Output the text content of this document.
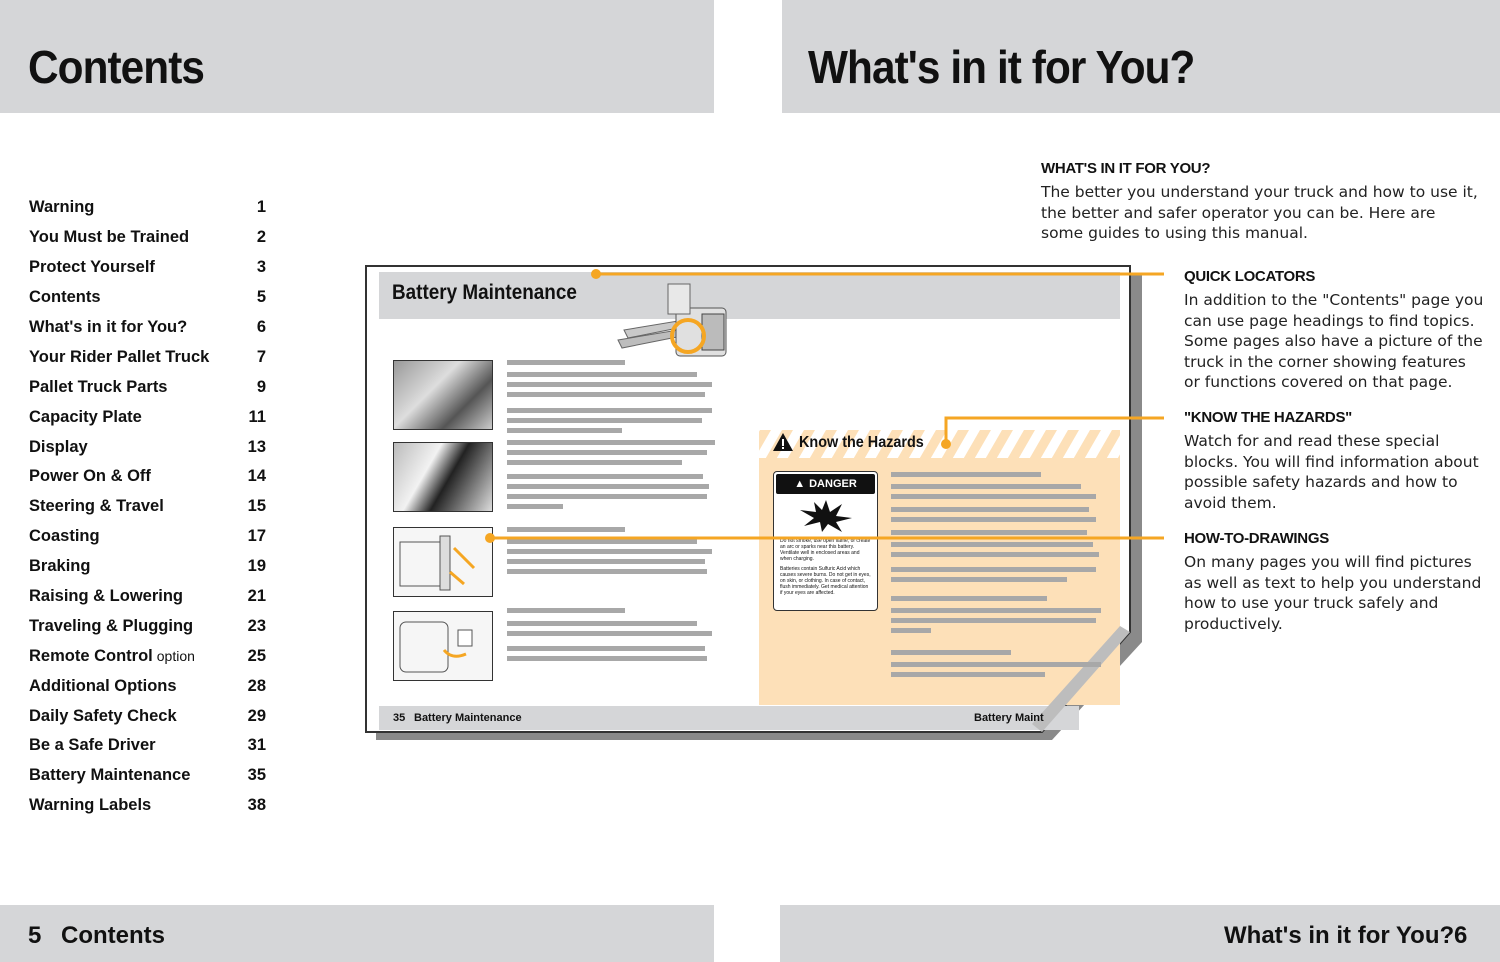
Contents
Warning	1
You Must be Trained	2
Protect Yourself	3
Contents	5
What's in it for You?	6
Your Rider Pallet Truck	7
Pallet Truck Parts	9
Capacity Plate	11
Display	13
Power On & Off	14
Steering & Travel	15
Coasting	17
Braking	19
Raising & Lowering	21
Traveling & Plugging	23
Remote Control option	25
Additional Options	28
Daily Safety Check	29
Be a Safe Driver	31
Battery Maintenance	35
Warning Labels	38
5 Contents
What's in it for You?
WHAT'S IN IT FOR YOU?
The better you understand your truck and how to use it, the better and safer operator you can be. Here are some guides to using this manual.
QUICK LOCATORS
In addition to the "Contents" page you can use page headings to find topics. Some pages also have a picture of the truck in the corner showing features or functions covered on that page.
"KNOW THE HAZARDS"
Watch for and read these special blocks. You will find information about possible safety hazards and how to avoid them.
HOW-TO-DRAWINGS
On many pages you will find pictures as well as text to help you understand how to use your truck safely and productively.
Battery Maintenance
Know the Hazards
▲ DANGER
Do not smoke, use open flame, or create an arc or sparks near this battery. Ventilate well in enclosed areas and when charging.
Batteries contain Sulfuric Acid which causes severe burns. Do not get in eyes, on skin, or clothing. In case of contact, flush immediately. Get medical attention if your eyes are affected.
35 Battery Maintenance	Battery Maint
What's in it for You? 6
